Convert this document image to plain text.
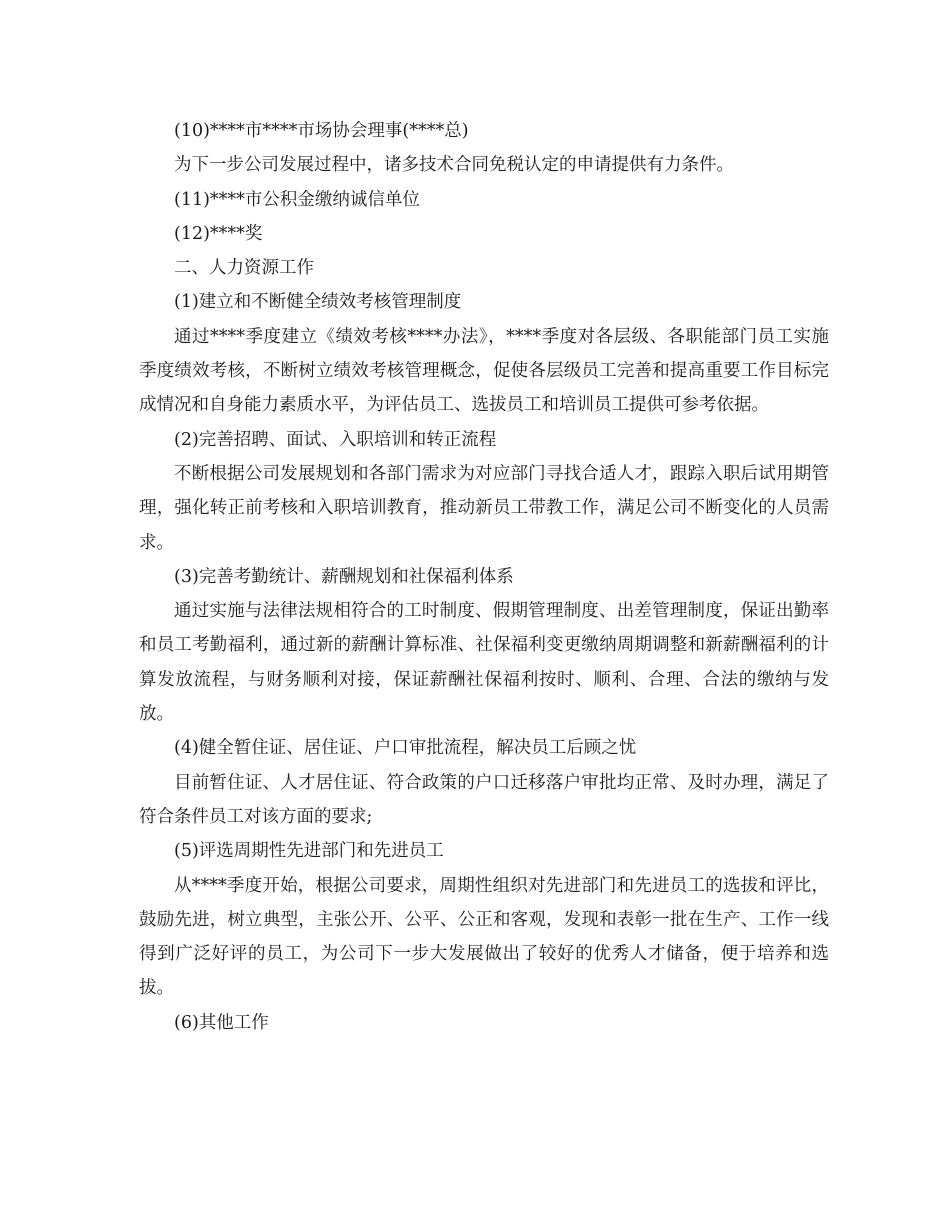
(10)****市****市场协会理事(****总)

为下一步公司发展过程中，诸多技术合同免税认定的申请提供有力条件。

(11)****市公积金缴纳诚信单位

(12)****奖

二、人力资源工作

(1)建立和不断健全绩效考核管理制度

通过****季度建立《绩效考核****办法》，****季度对各层级、各职能部门员工实施季度绩效考核，不断树立绩效考核管理概念，促使各层级员工完善和提高重要工作目标完成情况和自身能力素质水平，为评估员工、选拔员工和培训员工提供可参考依据。

(2)完善招聘、面试、入职培训和转正流程

不断根据公司发展规划和各部门需求为对应部门寻找合适人才，跟踪入职后试用期管理，强化转正前考核和入职培训教育，推动新员工带教工作，满足公司不断变化的人员需求。

(3)完善考勤统计、薪酬规划和社保福利体系

通过实施与法律法规相符合的工时制度、假期管理制度、出差管理制度，保证出勤率和员工考勤福利，通过新的薪酬计算标准、社保福利变更缴纳周期调整和新薪酬福利的计算发放流程，与财务顺利对接，保证薪酬社保福利按时、顺利、合理、合法的缴纳与发放。

(4)健全暂住证、居住证、户口审批流程，解决员工后顾之忧

目前暂住证、人才居住证、符合政策的户口迁移落户审批均正常、及时办理，满足了符合条件员工对该方面的要求;

(5)评选周期性先进部门和先进员工

从****季度开始，根据公司要求，周期性组织对先进部门和先进员工的选拔和评比，鼓励先进，树立典型，主张公开、公平、公正和客观，发现和表彰一批在生产、工作一线得到广泛好评的员工，为公司下一步大发展做出了较好的优秀人才储备，便于培养和选拔。

(6)其他工作
